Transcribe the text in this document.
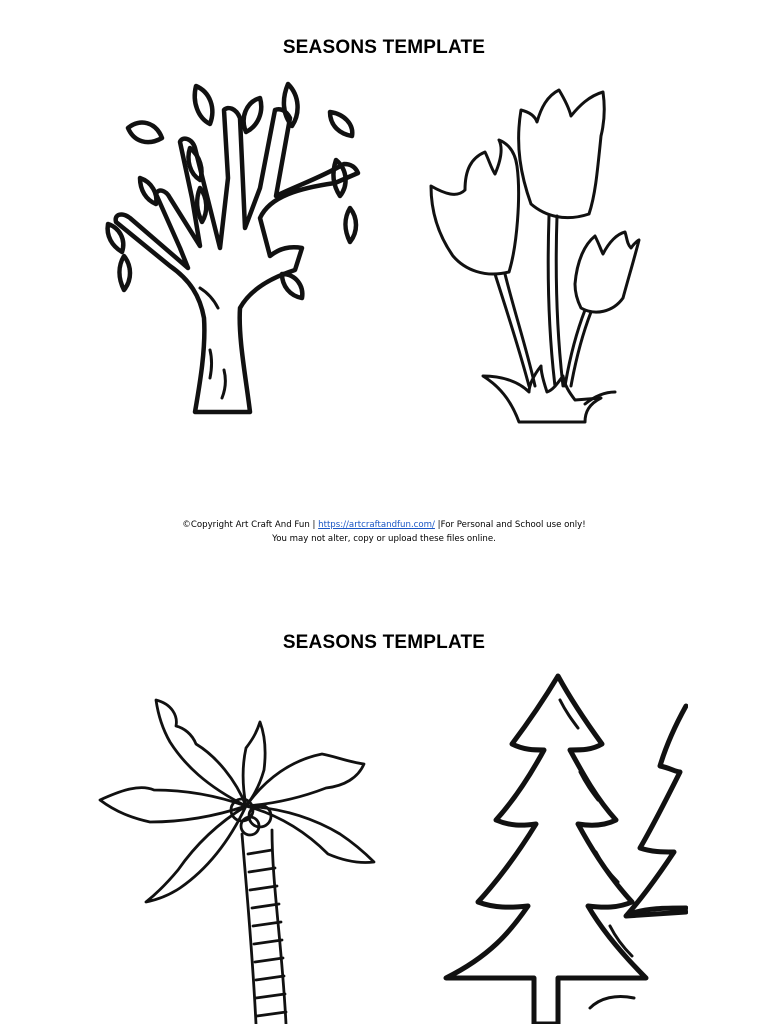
SEASONS TEMPLATE
©Copyright Art Craft And Fun | https://artcraftandfun.com/ |For Personal and School use only!
You may not alter, copy or upload these files online.
SEASONS TEMPLATE
